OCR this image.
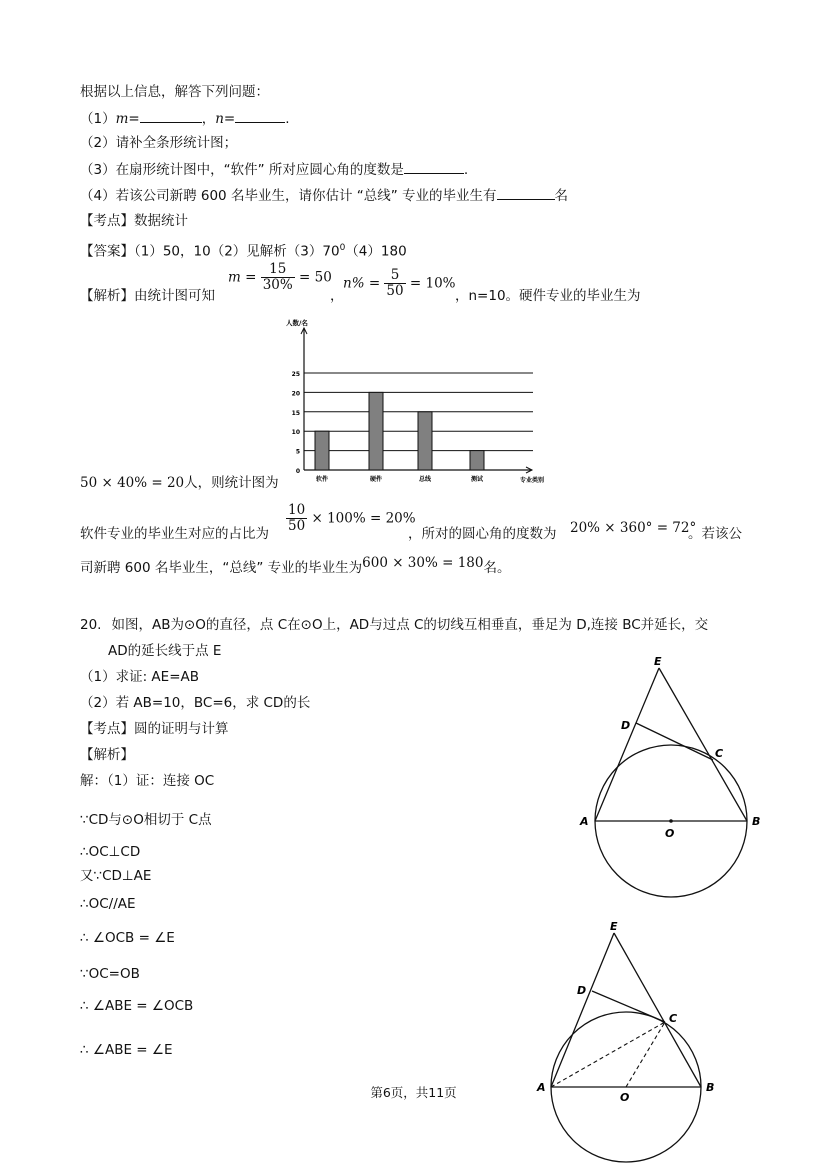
根据以上信息，解答下列问题：
（1）m=	，n=	.
（2）请补全条形统计图；
（3）在扇形统计图中，“软件” 所对应圆心角的度数是	.
（4）若该公司新聘 600 名毕业生，请你估计 “总线” 专业的毕业生有	名
【考点】数据统计
【答案】（1）50，10（2）见解析$(3)70^0(4)180$
【解析】由统计图可知
$m = \frac{15}{30\%} = 50$
，
$n\% = \frac{5}{50} = 10\%$
，n=10。硬件专业的毕业生为
0
5
10
15
20
25
人数/名
专业类别
软件	硬件	总线	测试
50 × 40% = 20人，则统计图为
软件专业的毕业生对应的占比为 $\frac{10}{50} \times 100\% = 20\%$
，所对的圆心角的度数为 20% × 360° = 72°
。若该公
司新聘 600 名毕业生，“总线” 专业的毕业生为600 × 30% = 180名。
20. 如图，AB为⊙O的直径，点 C在⊙O上，AD与过点 C的切线互相垂直，垂足为 D,连接 BC并延长，交
AD的延长线于点 E
（1）求证: AE=AB
（2）若 AB=10，BC=6，求 CD的长
【考点】圆的证明与计算
【解析】
解：（1）证：连接 OC
∵CD与⊙O相切于 C点
∴OC⊥CD
又∵CD⊥AE
∴OC//AE
∴ ∠OCB = ∠E
∵OC=OB
∴ ∠ABE = ∠OCB
∴ ∠ABE = ∠E
E
D
C
A
O
B
E
D
C
A
O
B
第6页，共11页
